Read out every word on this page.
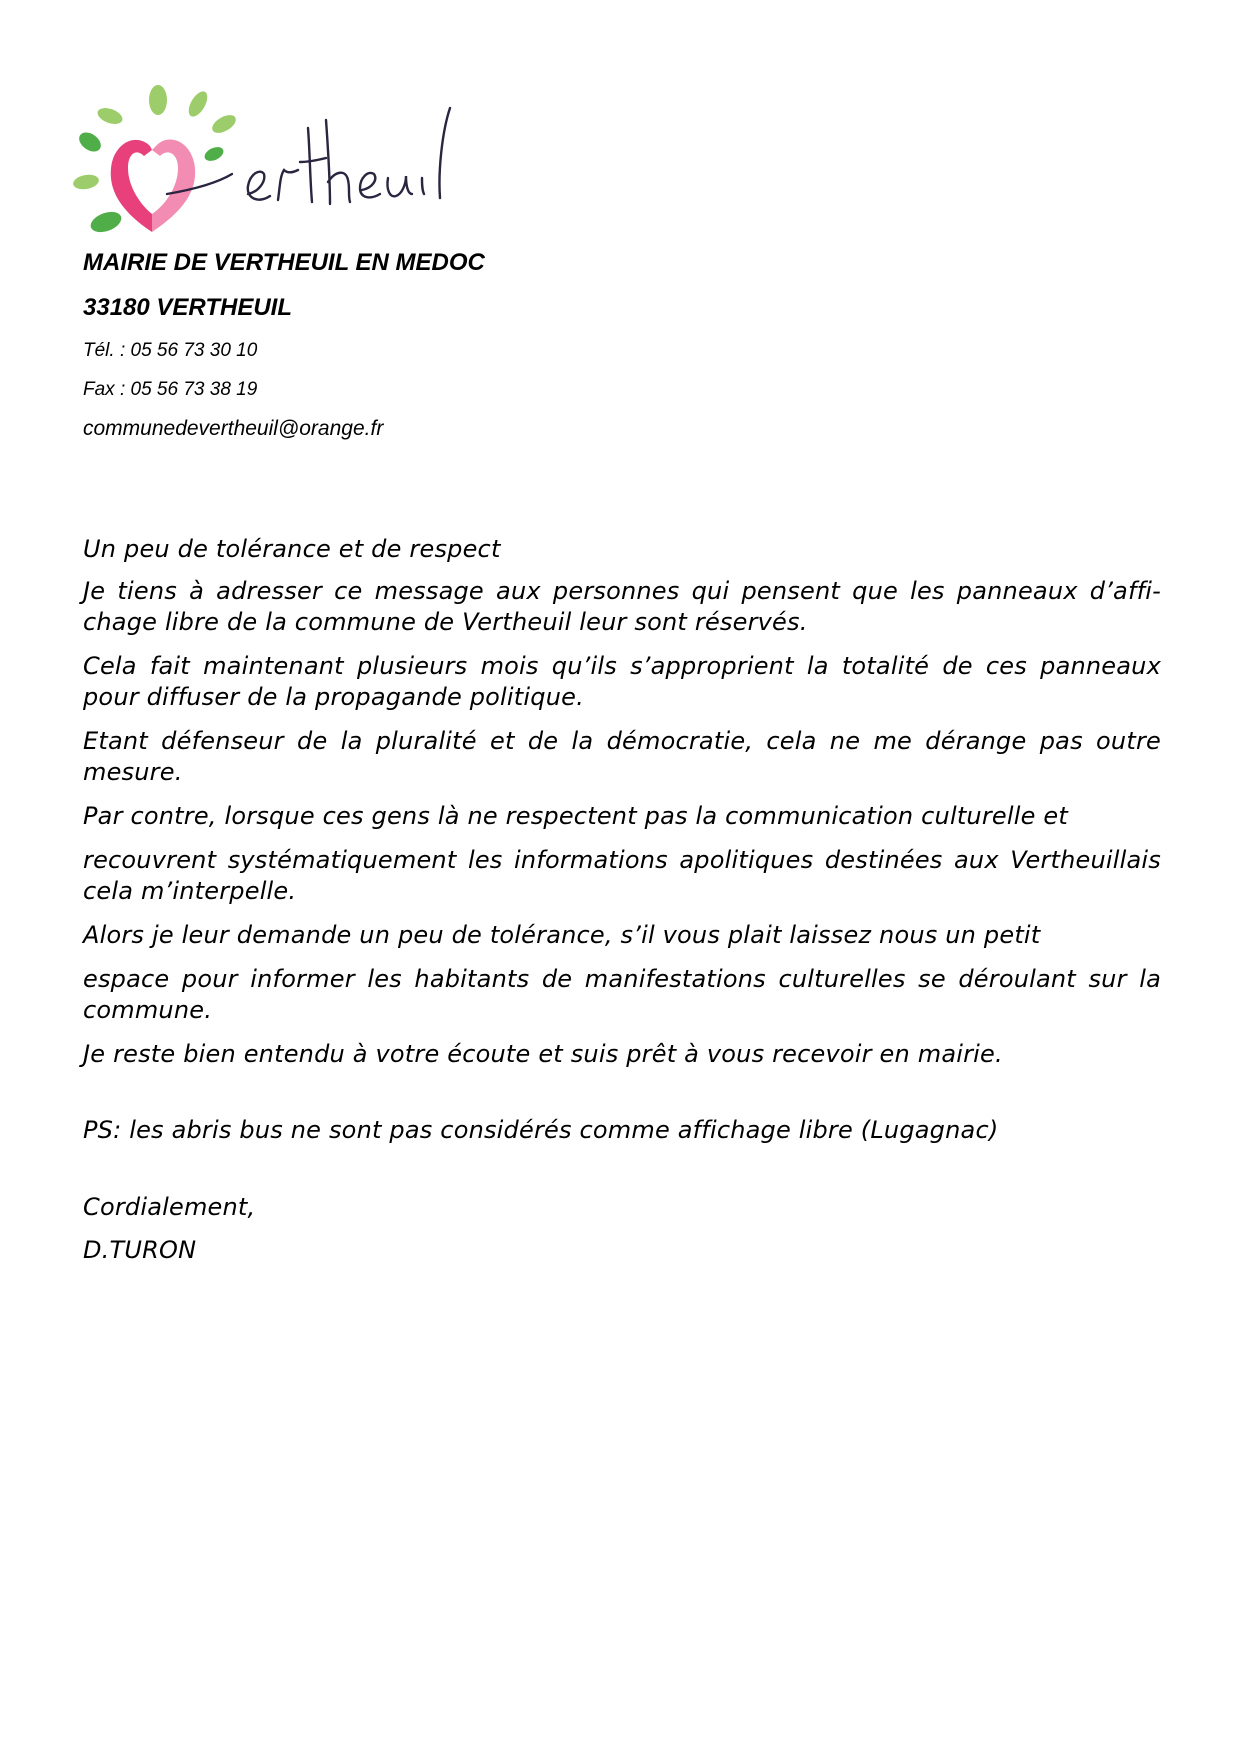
MAIRIE DE VERTHEUIL EN MEDOC

33180 VERTHEUIL

Tél. : 05 56 73 30 10

Fax : 05 56 73 38 19

communedevertheuil@orange.fr

Un peu de tolérance et de respect

Je tiens à adresser ce message aux personnes qui pensent que les panneaux d’affi-chage libre de la commune de Vertheuil leur sont réservés.

Cela fait maintenant plusieurs mois qu’ils s’approprient la totalité de ces panneaux pour diffuser de la propagande politique.

Etant défenseur de la pluralité et de la démocratie, cela ne me dérange pas outre mesure.

Par contre, lorsque ces gens là ne respectent pas la communication culturelle et

recouvrent systématiquement les informations apolitiques destinées aux Vertheuillais cela m’interpelle.

Alors je leur demande un peu de tolérance, s’il vous plait laissez nous un petit

espace pour informer les habitants de manifestations culturelles se déroulant sur la commune.

Je reste bien entendu à votre écoute et suis prêt à vous recevoir en mairie.

PS: les abris bus ne sont pas considérés comme affichage libre (Lugagnac)

Cordialement,

D.TURON
